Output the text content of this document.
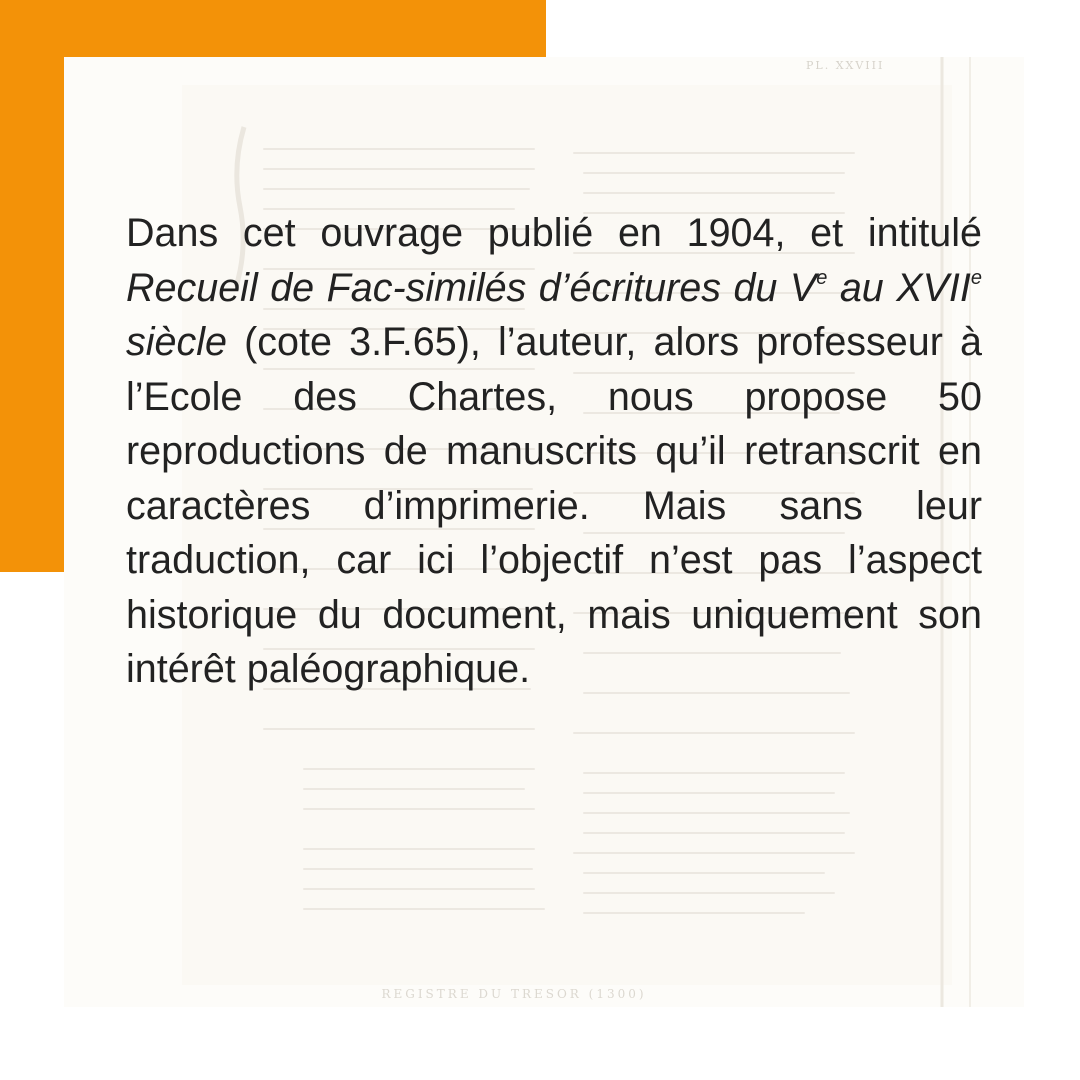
PL. XXVIII
REGISTRE DU TRESOR (1300)

Dans cet ouvrage publié en 1904, et intitulé Recueil de Fac-similés d’écritures du Ve au XVIIe siècle (cote 3.F.65), l’auteur, alors professeur à l’Ecole des Chartes, nous propose 50 reproductions de manuscrits qu’il retranscrit en caractères d’imprimerie. Mais sans leur traduction, car ici l’objectif n’est pas l’aspect historique du document, mais uniquement son intérêt paléographique.
